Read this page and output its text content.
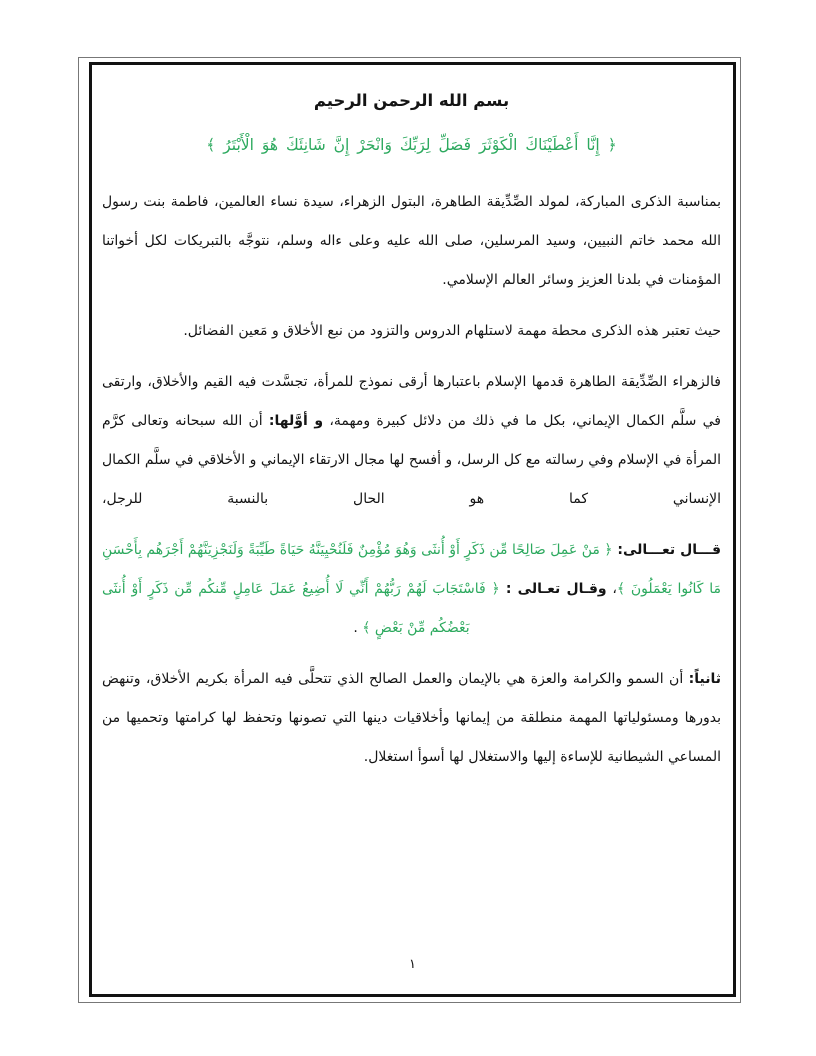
بسم الله الرحمن الرحيم

﴿ إِنَّا أَعْطَيْنَاكَ الْكَوْثَرَ فَصَلِّ لِرَبِّكَ وَانْحَرْ إِنَّ شَانِئَكَ هُوَ الْأَبْتَرُ ﴾

بمناسبة الذكرى المباركة، لمولد الصِّدِّيقة الطاهرة، البتول الزهراء، سيدة نساء العالمين، فاطمة بنت رسول الله محمد خاتم النبيين، وسيد المرسلين، صلى الله عليه وعلى ءاله وسلم، نتوجَّه بالتبريكات لكل أخواتنا المؤمنات في بلدنا العزيز وسائر العالم الإسلامي.

حيث تعتبر هذه الذكرى محطة مهمة لاستلهام الدروس والتزود من نبع الأخلاق و مَعين الفضائل.

فالزهراء الصِّدِّيقة الطاهرة قدمها الإسلام باعتبارها أرقى نموذج للمرأة، تجسَّدت فيه القيم والأخلاق، وارتقى في سلَّم الكمال الإيماني، بكل ما في ذلك من دلائل كبيرة ومهمة، و أوَّلها: أن الله سبحانه وتعالى كرَّم المرأة في الإسلام وفي رسالته مع كل الرسل، و أفسح لها مجال الارتقاء الإيماني و الأخلاقي في سلَّم الكمال الإنساني كما هو الحال بالنسبة للرجل،

قـــال تعـــالى: ﴿ مَنْ عَمِلَ صَالِحًا مِّن ذَكَرٍ أَوْ أُنثَى وَهُوَ مُؤْمِنٌ فَلَنُحْيِيَنَّهُ حَيَاةً طَيِّبَةً وَلَنَجْزِيَنَّهُمْ أَجْرَهُم بِأَحْسَنِ مَا كَانُوا يَعْمَلُونَ ﴾، وقـال تعـالى : ﴿ فَاسْتَجَابَ لَهُمْ رَبُّهُمْ أَنِّي لَا أُضِيعُ عَمَلَ عَامِلٍ مِّنكُم مِّن ذَكَرٍ أَوْ أُنثَى بَعْضُكُم مِّنْ بَعْضٍ ﴾ .

ثانياً: أن السمو والكرامة والعزة هي بالإيمان والعمل الصالح الذي تتحلَّى فيه المرأة بكريم الأخلاق، وتنهض بدورها ومسئولياتها المهمة منطلقة من إيمانها وأخلاقيات دينها التي تصونها وتحفظ لها كرامتها وتحميها من المساعي الشيطانية للإساءة إليها والاستغلال لها أسوأ استغلال.

١
